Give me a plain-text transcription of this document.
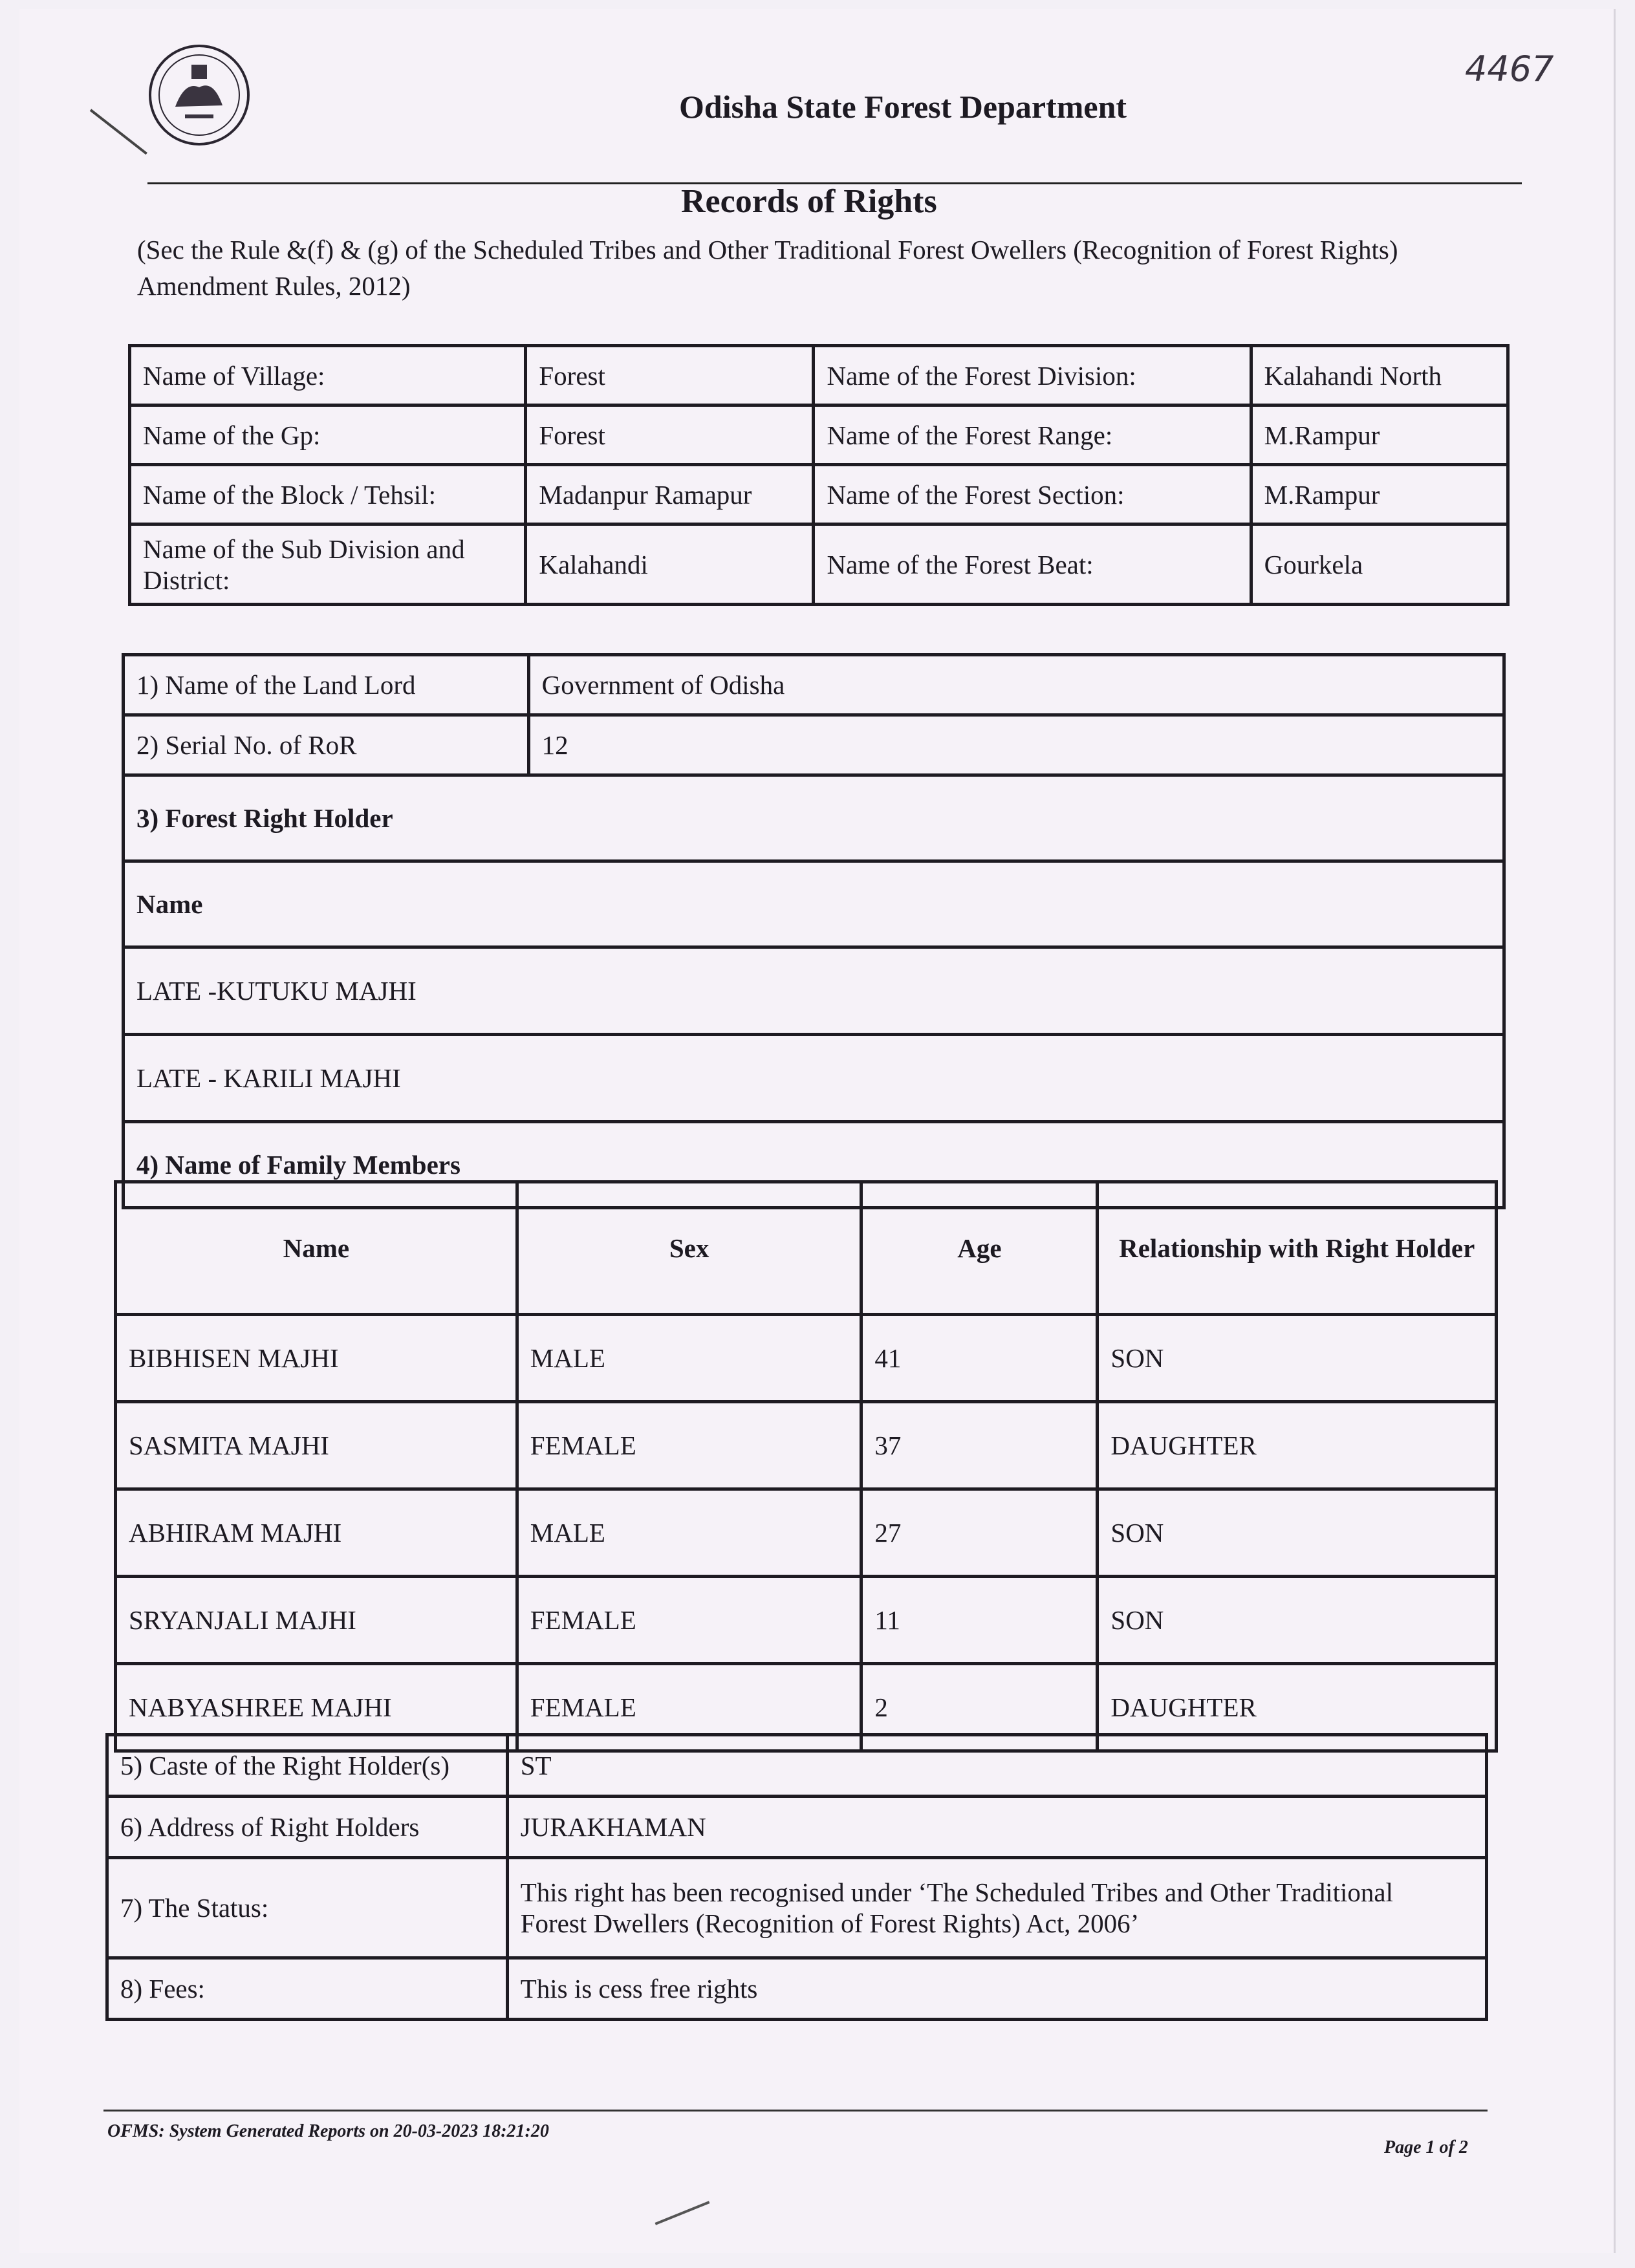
4467
Odisha State Forest Department
Records of Rights
(Sec the Rule &(f) & (g) of the Scheduled Tribes and Other Traditional Forest Owellers (Recognition of Forest Rights) Amendment Rules, 2012)
Name of Village:	Forest	Name of the Forest Division:	Kalahandi North
Name of the Gp:	Forest	Name of the Forest Range:	M.Rampur
Name of the Block / Tehsil:	Madanpur Ramapur	Name of the Forest Section:	M.Rampur
Name of the Sub Division and District:	Kalahandi	Name of the Forest Beat:	Gourkela
1) Name of the Land Lord	Government of Odisha
2) Serial No. of RoR	12
3) Forest Right Holder	
Name	
LATE -KUTUKU MAJHI	
LATE - KARILI MAJHI	
4) Name of Family Members	
Name	Sex	Age	Relationship with Right Holder
BIBHISEN MAJHI	MALE	41	SON
SASMITA MAJHI	FEMALE	37	DAUGHTER
ABHIRAM MAJHI	MALE	27	SON
SRYANJALI MAJHI	FEMALE	11	SON
NABYASHREE MAJHI	FEMALE	2	DAUGHTER
5) Caste of the Right Holder(s)	ST
6) Address of Right Holders	JURAKHAMAN
7) The Status:	This right has been recognised under ‘The Scheduled Tribes and Other Traditional
Forest Dwellers (Recognition of Forest Rights) Act, 2006’

8) Fees:	This is cess free rights
OFMS: System Generated Reports on 20-03-2023 18:21:20
Page 1 of 2
